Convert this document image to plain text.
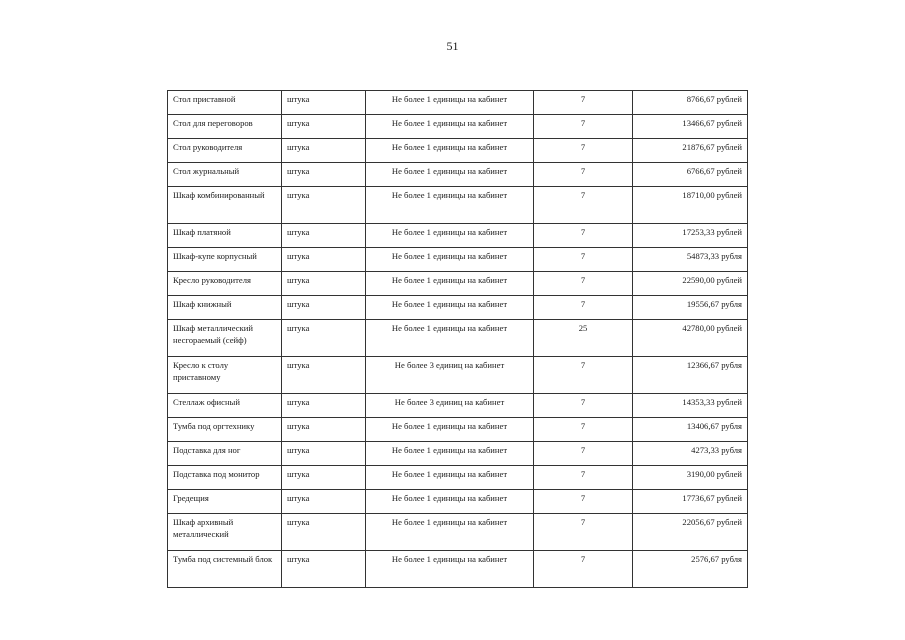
51
Стол приставной	штука	Не более 1 единицы на кабинет	7	8766,67 рублей
Стол для переговоров	штука	Не более 1 единицы на кабинет	7	13466,67 рублей
Стол руководителя	штука	Не более 1 единицы на кабинет	7	21876,67 рублей
Стол журнальный	штука	Не более 1 единицы на кабинет	7	6766,67 рублей
Шкаф комбинированный	штука	Не более 1 единицы на кабинет	7	18710,00 рублей
Шкаф платяной	штука	Не более 1 единицы на кабинет	7	17253,33 рублей
Шкаф-купе корпусный	штука	Не более 1 единицы на кабинет	7	54873,33 рубля
Кресло руководителя	штука	Не более 1 единицы на кабинет	7	22590,00 рублей
Шкаф книжный	штука	Не более 1 единицы на кабинет	7	19556,67 рубля
Шкаф металлический несгораемый (сейф)	штука	Не более 1 единицы на кабинет	25	42780,00 рублей
Кресло к столу приставному	штука	Не более 3 единиц на кабинет	7	12366,67 рубля
Стеллаж офисный	штука	Не более 3 единиц на кабинет	7	14353,33 рублей
Тумба под оргтехнику	штука	Не более 1 единицы на кабинет	7	13406,67 рубля
Подставка для ног	штука	Не более 1 единицы на кабинет	7	4273,33 рубля
Подставка под монитор	штука	Не более 1 единицы на кабинет	7	3190,00 рублей
Гредещия	штука	Не более 1 единицы на кабинет	7	17736,67 рублей
Шкаф архивный металлический	штука	Не более 1 единицы на кабинет	7	22056,67 рублей
Тумба под системный блок	штука	Не более 1 единицы на кабинет	7	2576,67 рубля
